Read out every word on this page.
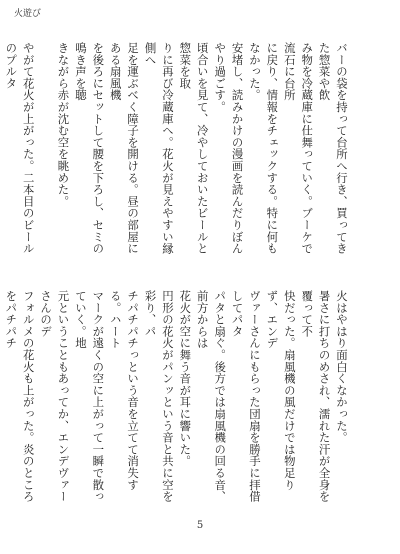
火遊び

バーの袋を持って台所へ行き、買ってきた惣菜や飲

み物を冷蔵庫に仕舞っていく。ブーケで流石に台所

に戻り、情報をチェックする。特に何もなかった。

安堵し、読みかけの漫画を読んだりぼんやり過ごす。

頃合いを見て、冷やしておいたビールと惣菜を取

りに再び冷蔵庫へ。花火が見えやすい縁側へ

足を運ぶべく障子を開ける。昼の部屋にある扇風機

を後ろにセットして腰を下ろし、セミの鳴き声を聴

きながら赤が沈む空を眺めた。

やがて花火が上がった。二本目のビールのプルタ

火はやはり面白くなかった。

暑さに打ちのめされ、濡れた汗が全身を覆って不

快だった。扇風機の風だけでは物足りず、エンデ

ヴァーさんにもらった団扇を勝手に拝借してパタ

パタと扇ぐ。後方では扇風機の回る音、前方からは

花火が空に舞う音が耳に響いた。

円形の花火がパンッという音と共に空を彩り、パ

チパチパチっという音を立てて消失する。ハート

マークが遠くの空に上がって一瞬で散っていく。地

元ということもあってか、エンデヴァーさんのデ

フォルメの花火も上がった。炎のところをパチパチ

5
